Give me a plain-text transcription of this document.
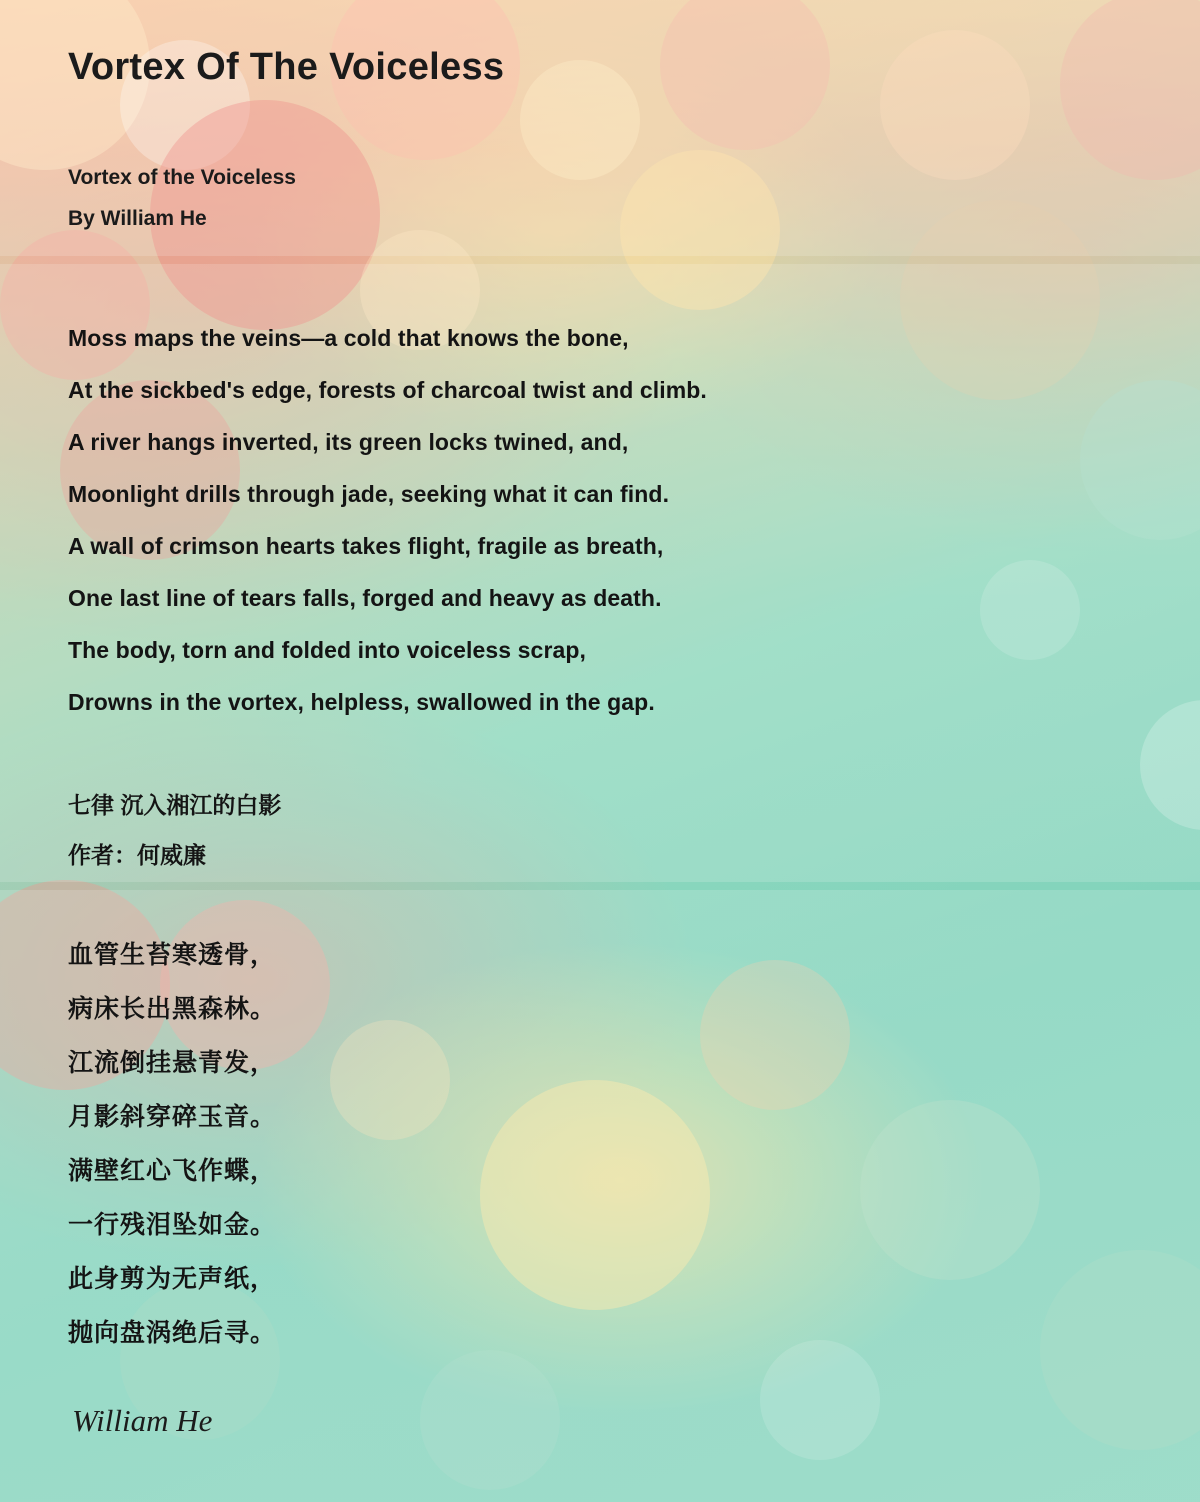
Vortex Of The Voiceless
Vortex of the Voiceless
By William He
Moss maps the veins—a cold that knows the bone,
At the sickbed's edge, forests of charcoal twist and climb.
A river hangs inverted, its green locks twined, and,
Moonlight drills through jade, seeking what it can find.
A wall of crimson hearts takes flight, fragile as breath,
One last line of tears falls, forged and heavy as death.
The body, torn and folded into voiceless scrap,
Drowns in the vortex, helpless, swallowed in the gap.
七律 沉入湘江的白影
作者：何威廉
血管生苔寒透骨，
病床长出黑森林。
江流倒挂悬青发，
月影斜穿碎玉音。
满壁红心飞作蝶，
一行残泪坠如金。
此身剪为无声纸，
抛向盘涡绝后寻。
William He
